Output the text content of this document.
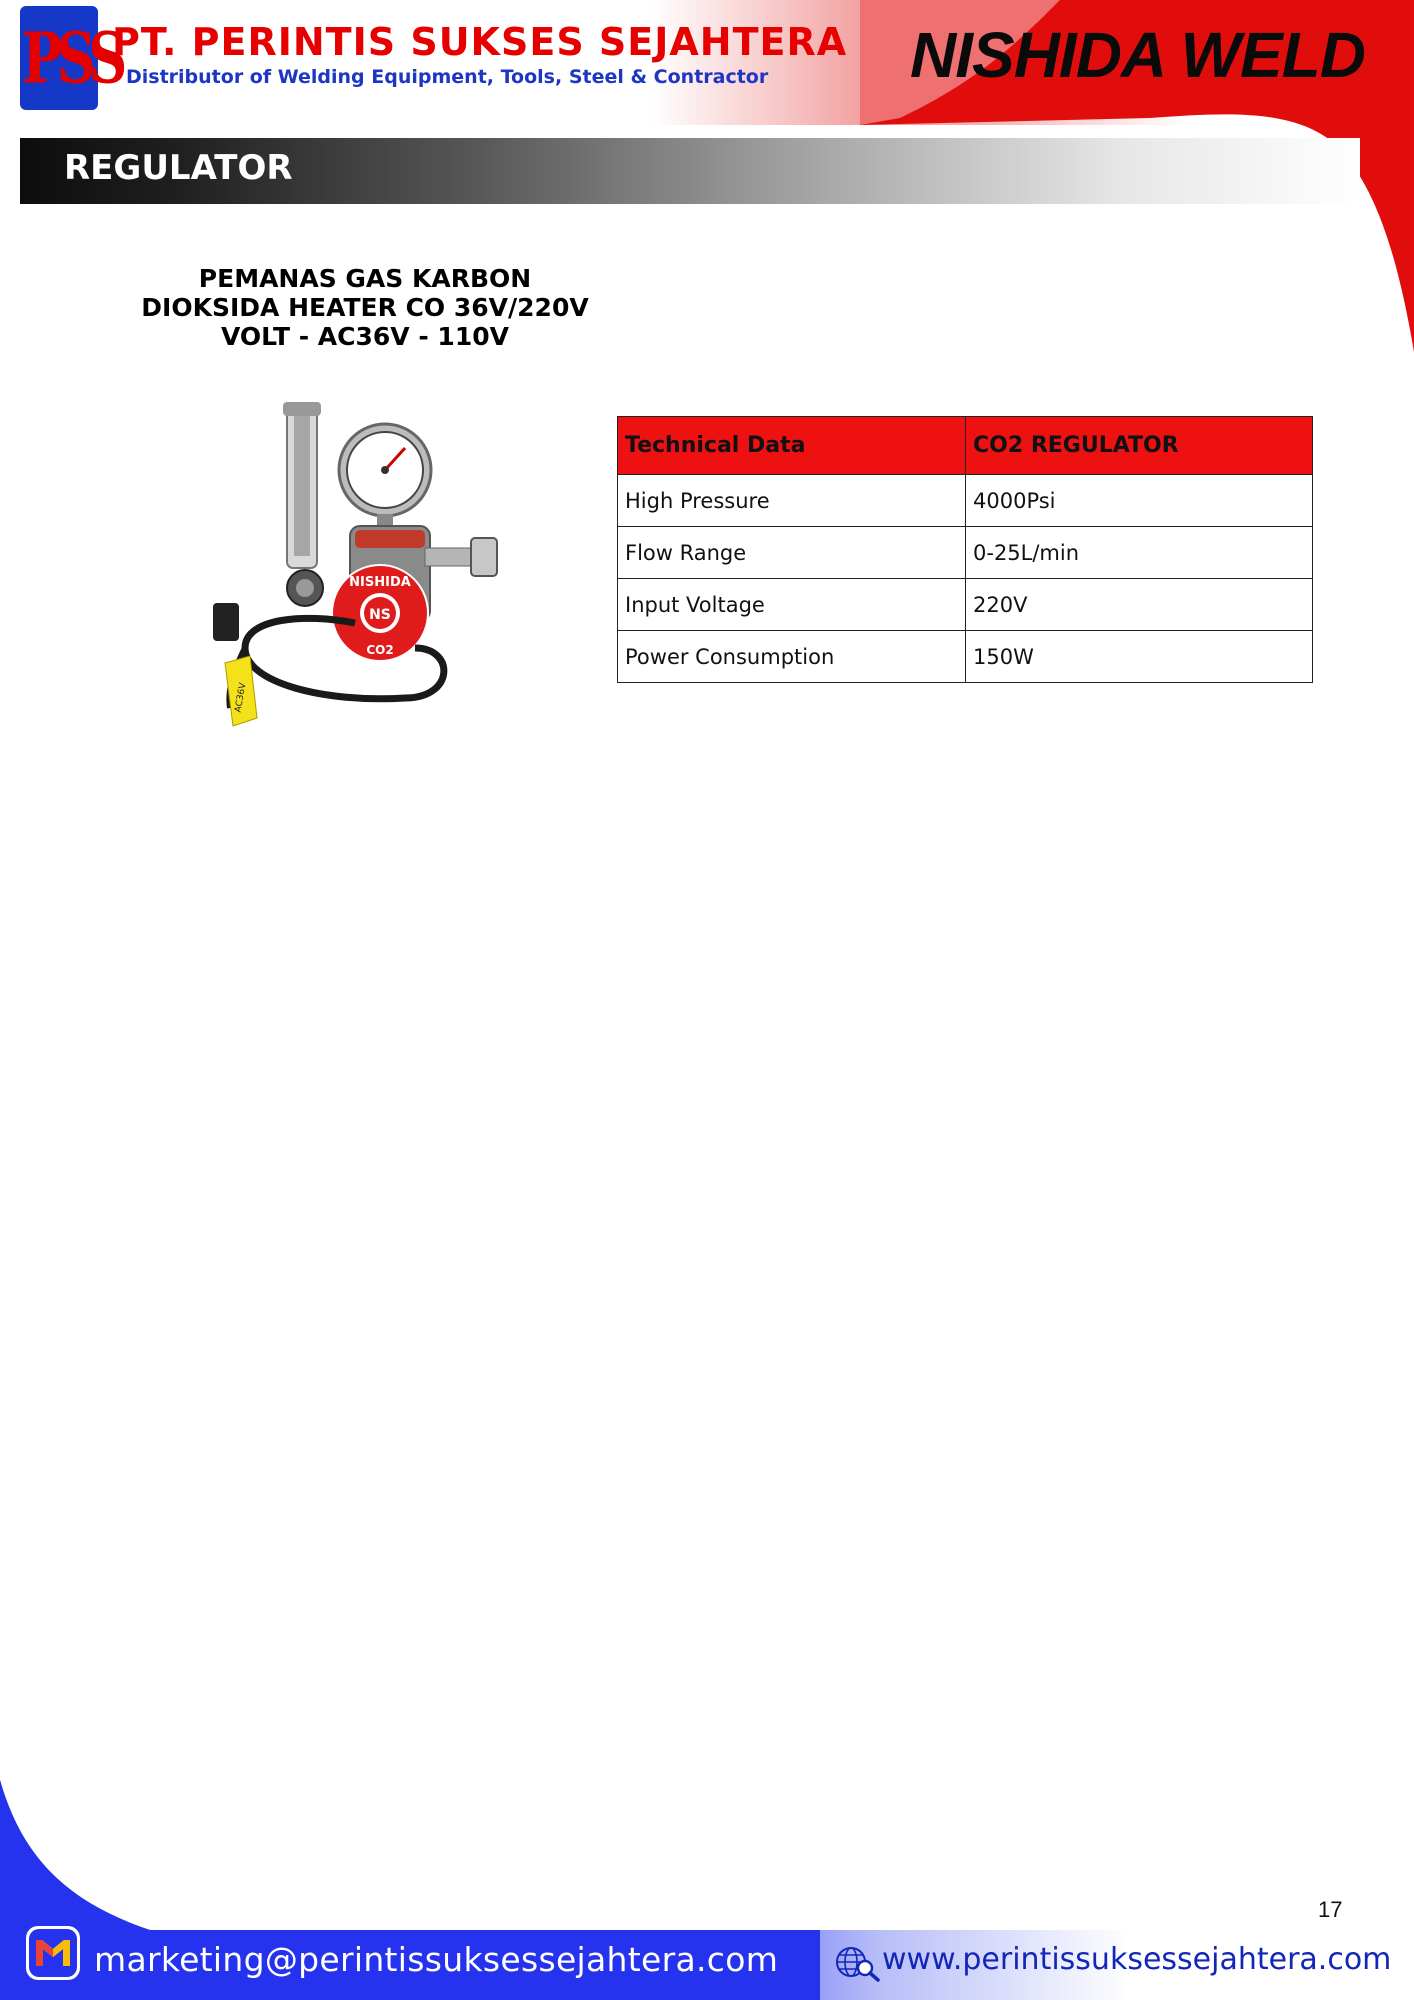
PSS
PT. PERINTIS SUKSES SEJAHTERA
Distributor of Welding Equipment, Tools, Steel & Contractor NISHIDA WELD
REGULATOR
PEMANAS GAS KARBON
DIOKSIDA HEATER CO 36V/220V
VOLT - AC36V - 110V
NS
NISHIDA
CO2
AC36V
Technical Data	CO2 REGULATOR
High Pressure	4000Psi
Flow Range	0-25L/min
Input Voltage	220V
Power Consumption	150W
17
marketing@perintissuksessejahtera.com	www.perintissuksessejahtera.com
